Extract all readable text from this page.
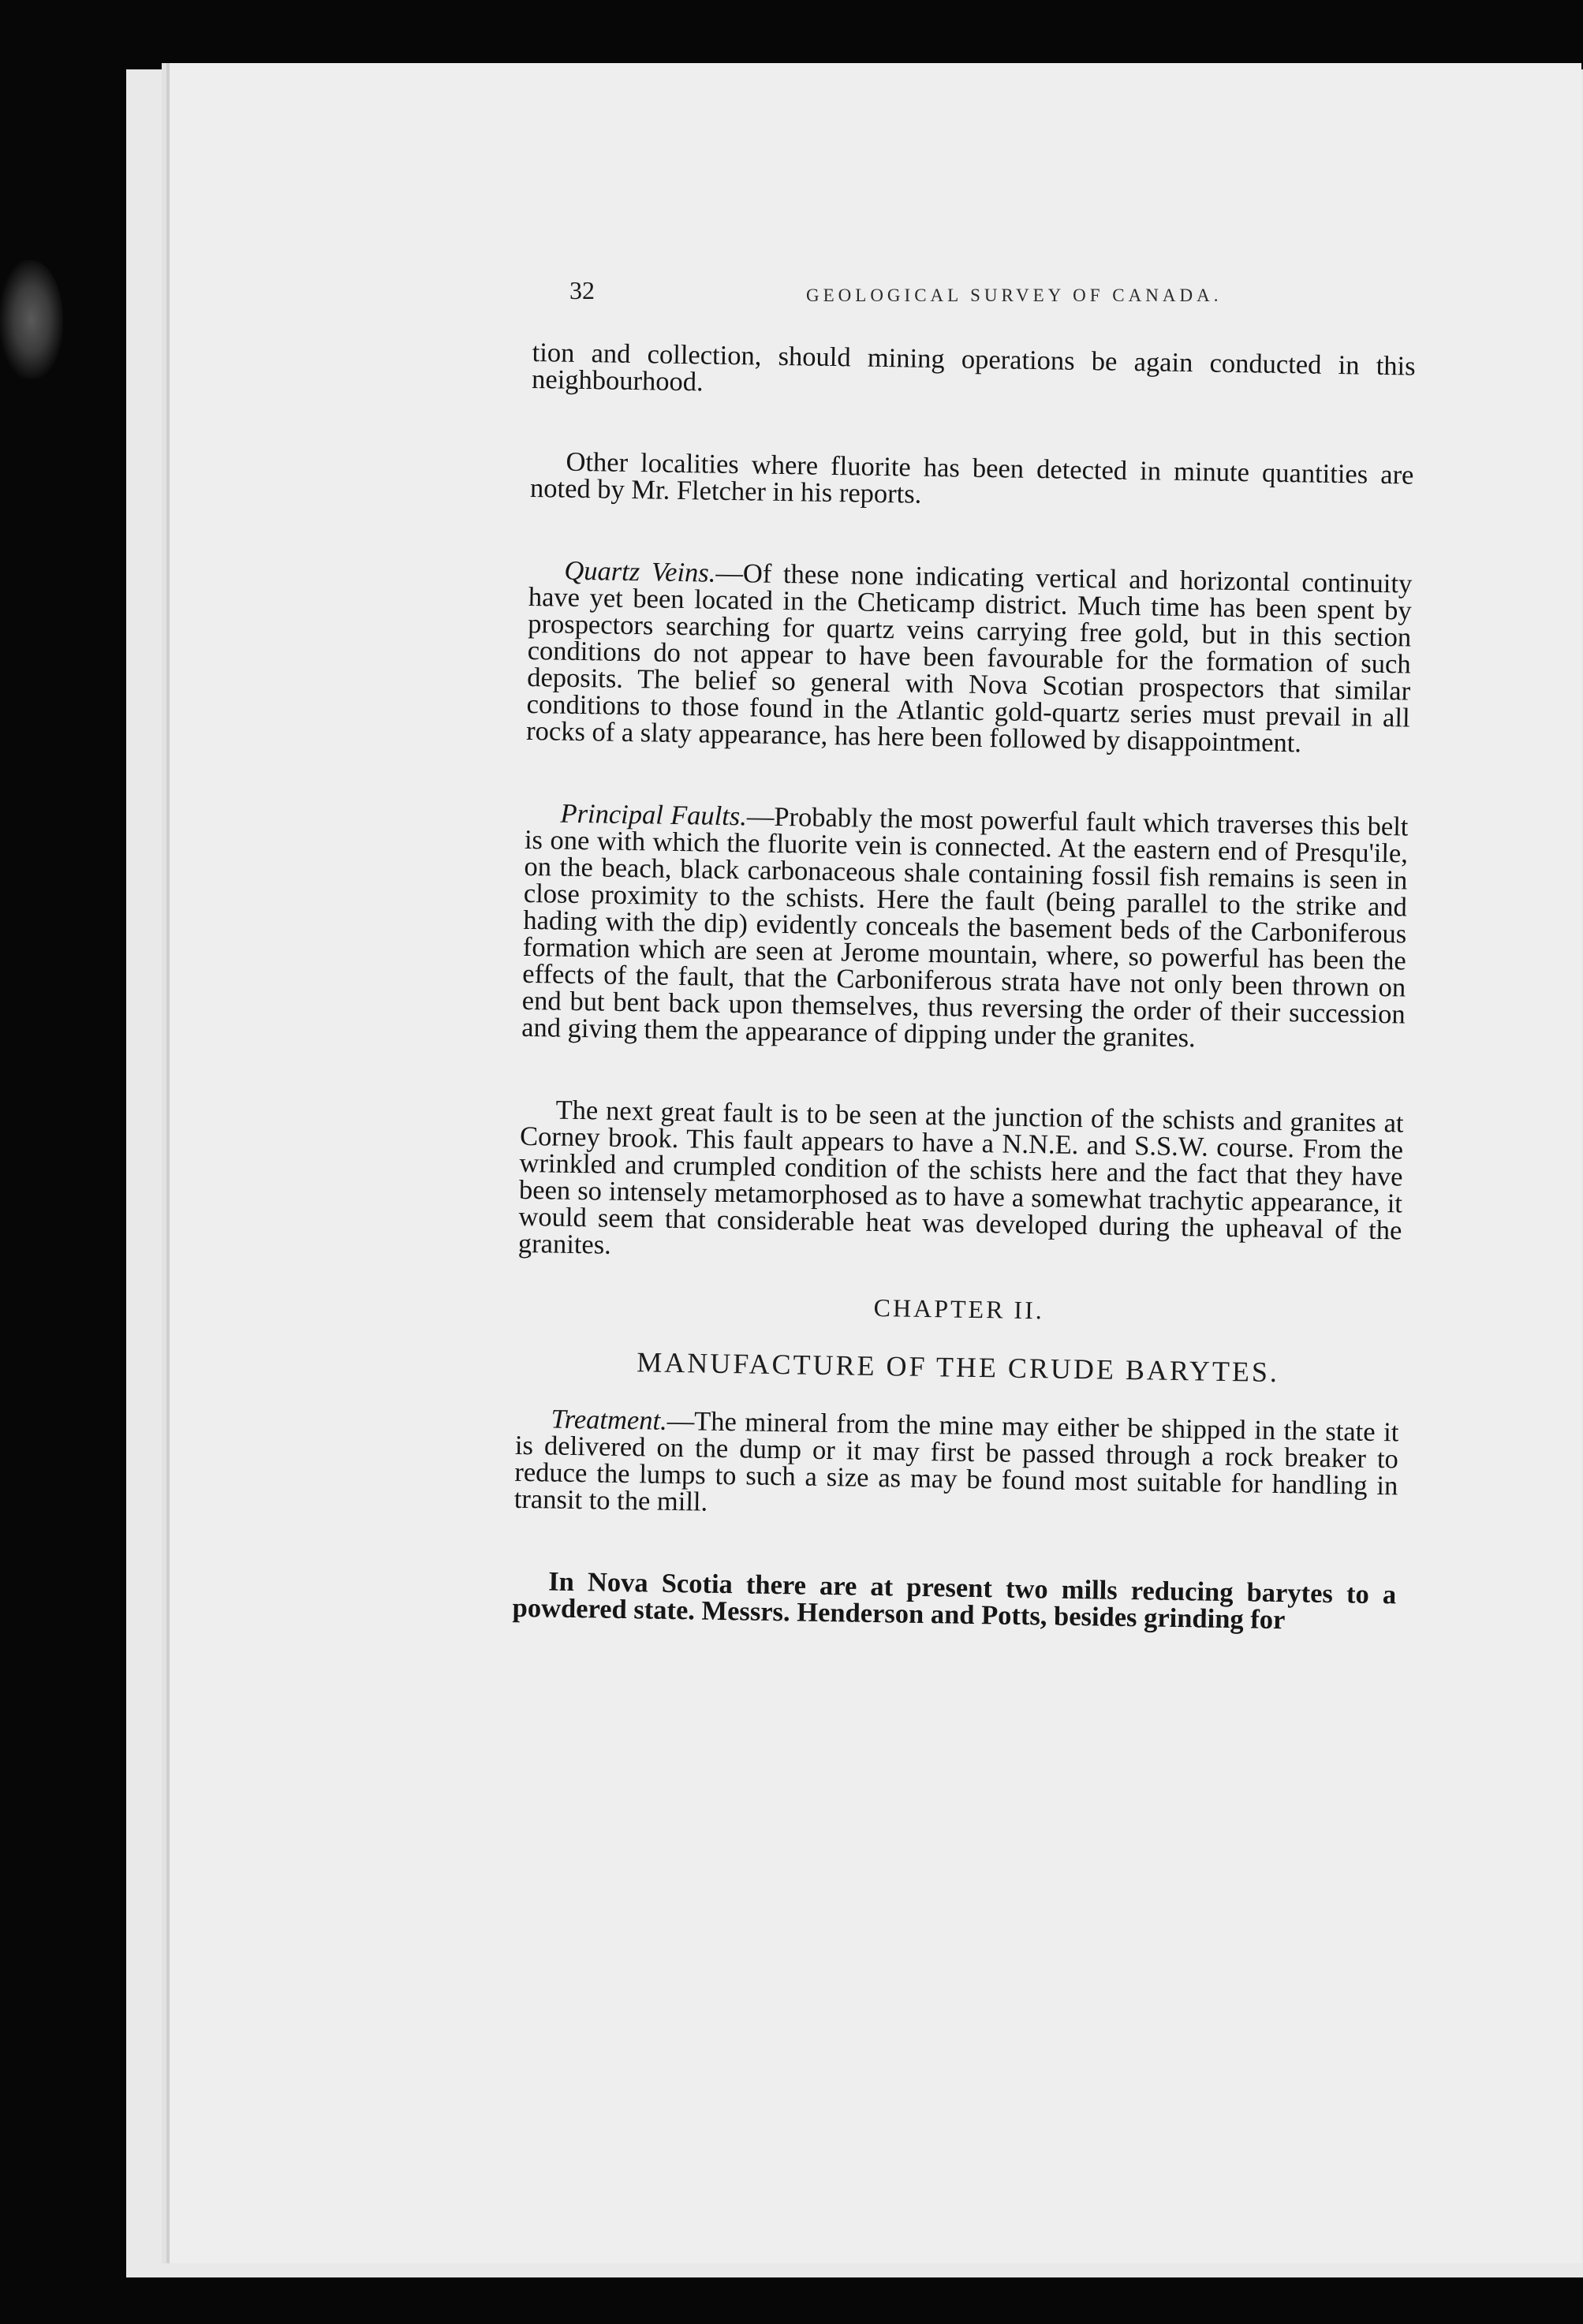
32	GEOLOGICAL SURVEY OF CANADA.

tion and collection, should mining operations be again conducted in this neighbourhood.

Other localities where fluorite has been detected in minute quantities are noted by Mr. Fletcher in his reports.

Quartz Veins.—Of these none indicating vertical and horizontal continuity have yet been located in the Cheticamp district. Much time has been spent by prospectors searching for quartz veins carrying free gold, but in this section conditions do not appear to have been favourable for the formation of such deposits. The belief so general with Nova Scotian prospectors that similar conditions to those found in the Atlantic gold-quartz series must prevail in all rocks of a slaty appearance, has here been followed by disappointment.

Principal Faults.—Probably the most powerful fault which traverses this belt is one with which the fluorite vein is connected. At the eastern end of Presqu'ile, on the beach, black carbonaceous shale containing fossil fish remains is seen in close proximity to the schists. Here the fault (being parallel to the strike and hading with the dip) evidently conceals the basement beds of the Carboniferous formation which are seen at Jerome mountain, where, so powerful has been the effects of the fault, that the Carboniferous strata have not only been thrown on end but bent back upon themselves, thus reversing the order of their succession and giving them the appearance of dipping under the granites.

The next great fault is to be seen at the junction of the schists and granites at Corney brook. This fault appears to have a N.N.E. and S.S.W. course. From the wrinkled and crumpled condition of the schists here and the fact that they have been so intensely metamorphosed as to have a somewhat trachytic appearance, it would seem that considerable heat was developed during the upheaval of the granites.

CHAPTER II.

MANUFACTURE OF THE CRUDE BARYTES.

Treatment.—The mineral from the mine may either be shipped in the state it is delivered on the dump or it may first be passed through a rock breaker to reduce the lumps to such a size as may be found most suitable for handling in transit to the mill.

In Nova Scotia there are at present two mills reducing barytes to a powdered state. Messrs. Henderson and Potts, besides grinding for
